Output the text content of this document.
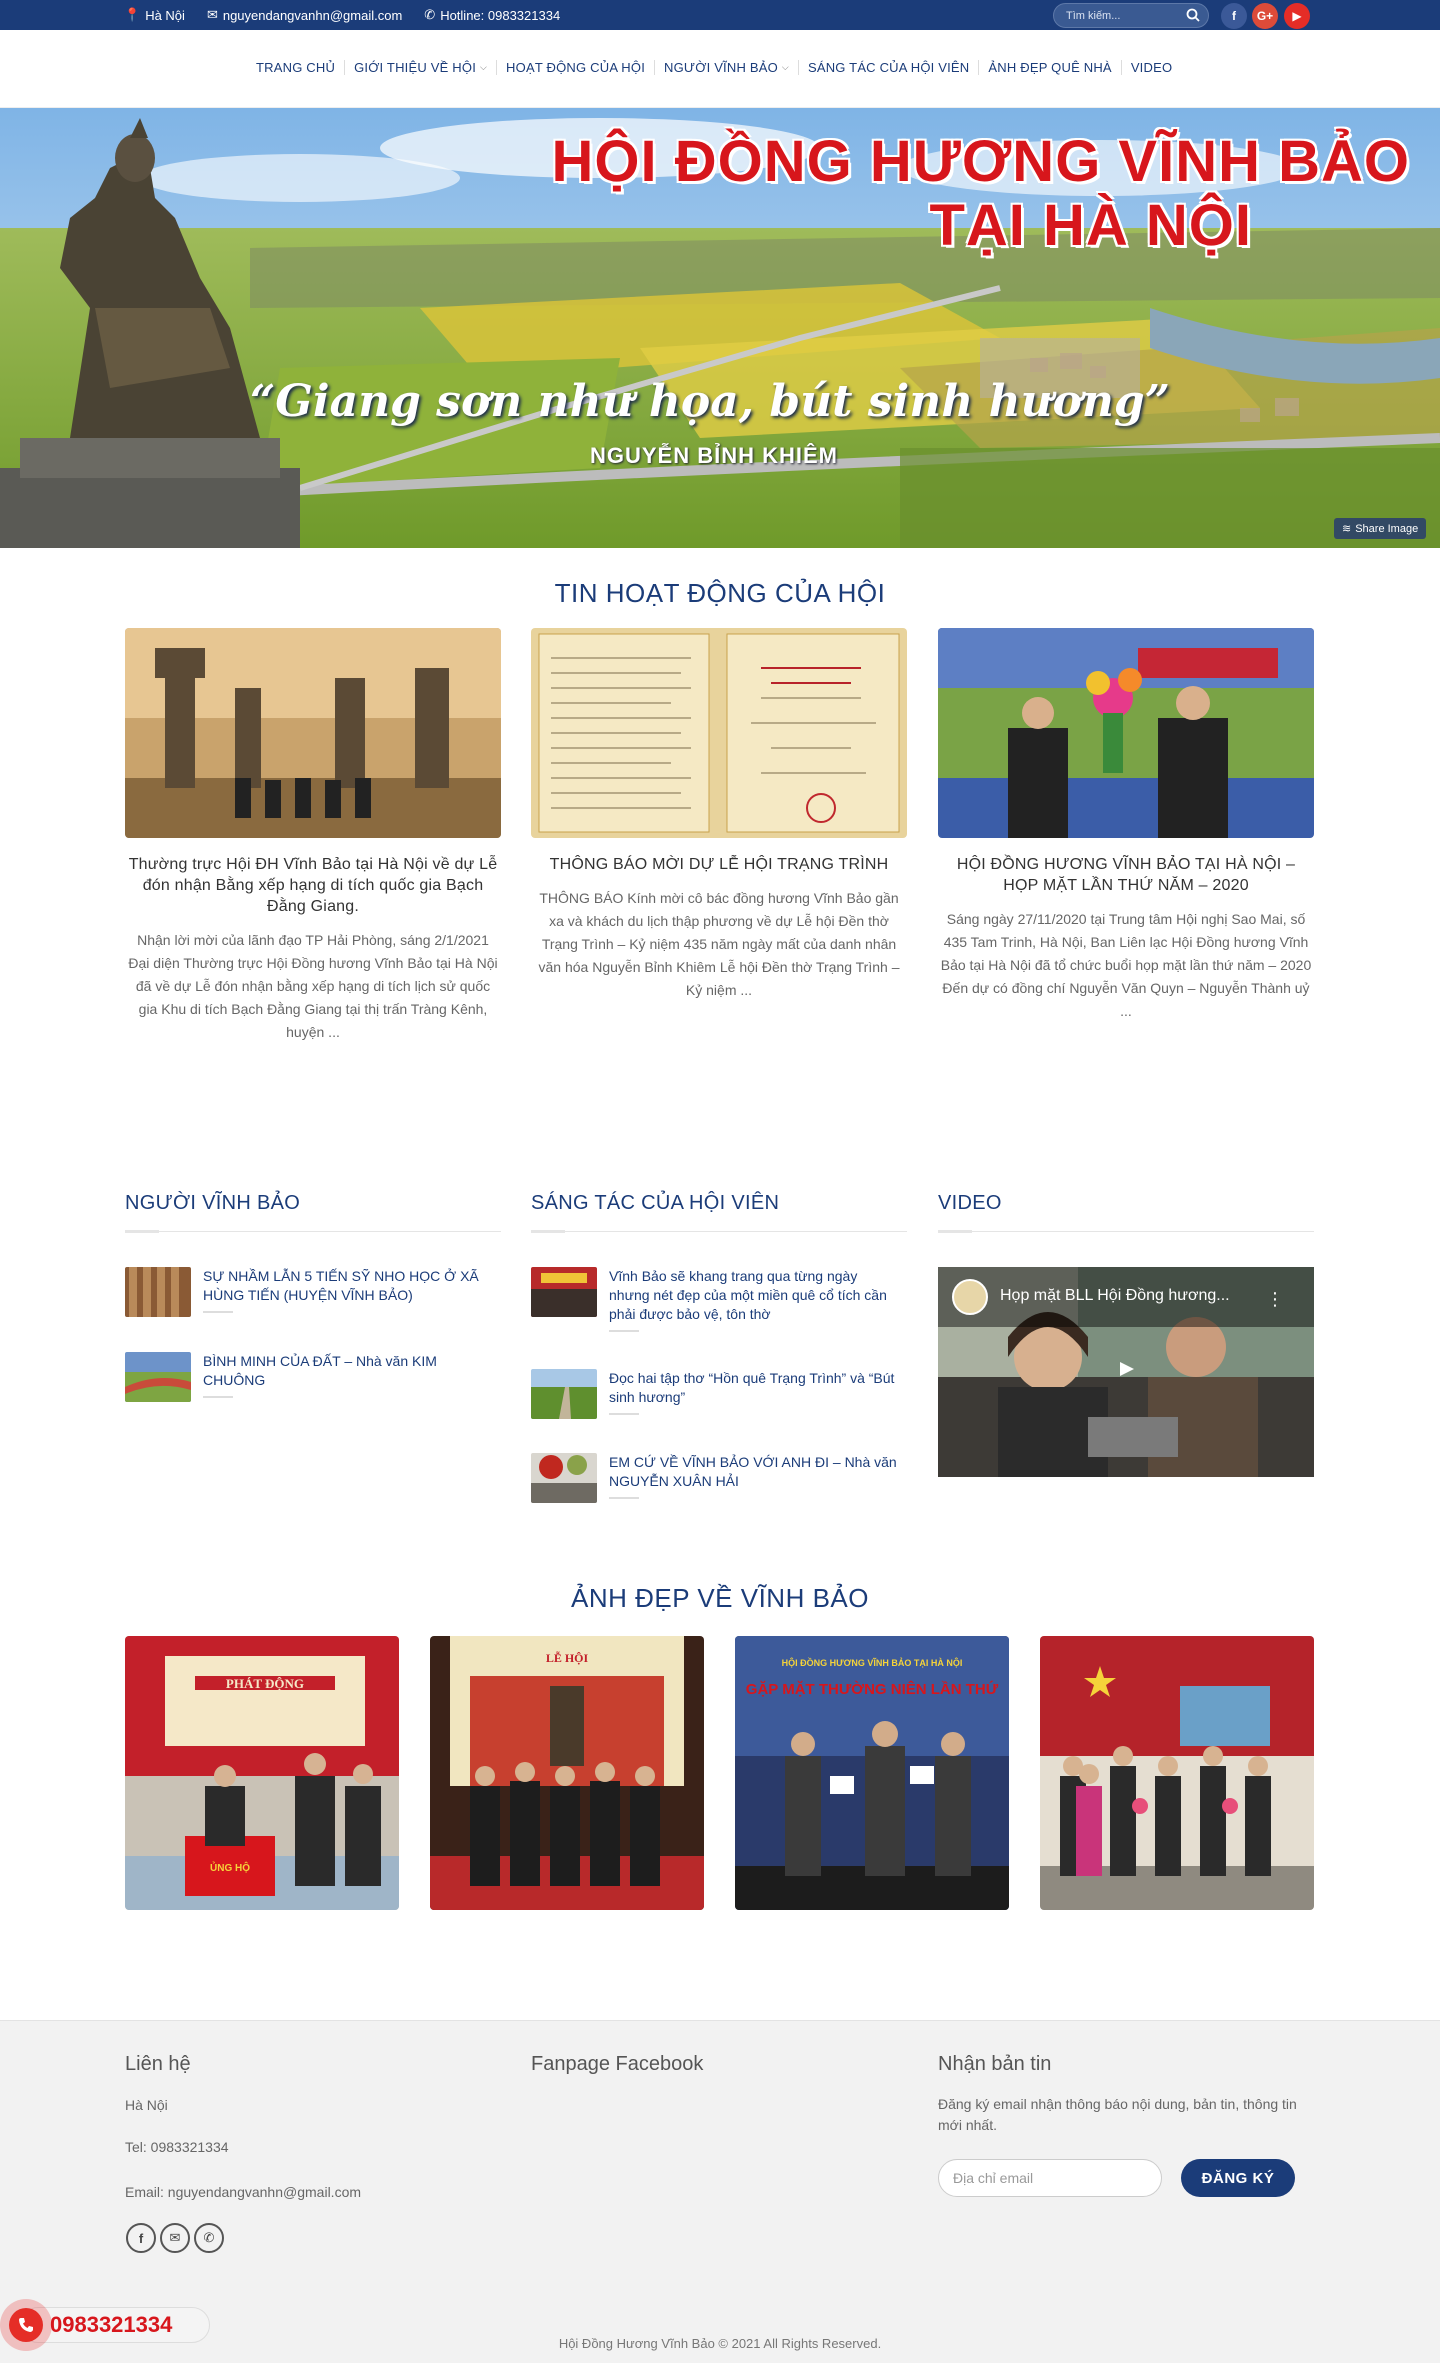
📍 Hà Nội ✉ nguyendangvanhn@gmail.com ✆ Hotline: 0983321334
Tìm kiếm...	f	G+	▶
TRANG CHỦ GIỚI THIỆU VỀ HỘI ⌵ HOẠT ĐỘNG CỦA HỘI NGƯỜI VĨNH BẢO ⌵ SÁNG TÁC CỦA HỘI VIÊN ẢNH ĐẸP QUÊ NHÀ VIDEO
HỘI ĐỒNG HƯƠNG VĨNH BẢO

TẠI HÀ NỘI
“Giang sơn như họa, bút sinh hương”
NGUYỄN BỈNH KHIÊM
≋ Share Image
TIN HOẠT ĐỘNG CỦA HỘI
Thường trực Hội ĐH Vĩnh Bảo tại Hà Nội về dự Lễ đón nhận Bằng xếp hạng di tích quốc gia Bạch Đằng Giang.

Nhận lời mời của lãnh đạo TP Hải Phòng, sáng 2/1/2021 Đại diện Thường trực Hội Đồng hương Vĩnh Bảo tại Hà Nội đã về dự Lễ đón nhận bằng xếp hạng di tích lịch sử quốc gia Khu di tích Bạch Đằng Giang tại thị trấn Tràng Kênh, huyện ...

THÔNG BÁO MỜI DỰ LỄ HỘI TRẠNG TRÌNH

THÔNG BÁO Kính mời cô bác đồng hương Vĩnh Bảo gần xa và khách du lịch thập phương về dự Lễ hội Đền thờ Trạng Trình – Kỷ niệm 435 năm ngày mất của danh nhân văn hóa Nguyễn Bỉnh Khiêm Lễ hội Đền thờ Trạng Trình – Kỷ niệm ...

HỘI ĐỒNG HƯƠNG VĨNH BẢO TẠI HÀ NỘI – HỌP MẶT LẦN THỨ NĂM – 2020

Sáng ngày 27/11/2020 tại Trung tâm Hội nghị Sao Mai, số 435 Tam Trinh, Hà Nội, Ban Liên lạc Hội Đồng hương Vĩnh Bảo tại Hà Nội đã tổ chức buổi họp mặt lần thứ năm – 2020 Đến dự có đồng chí Nguyễn Văn Quyn – Nguyễn Thành uỷ ...

NGƯỜI VĨNH BẢO	SÁNG TÁC CỦA HỘI VIÊN	VIDEO
SỰ NHẦM LẪN 5 TIẾN SỸ NHO HỌC Ở XÃ HÙNG TIẾN (HUYỆN VĨNH BẢO)
BÌNH MINH CỦA ĐẤT – Nhà văn KIM CHUÔNG
Vĩnh Bảo sẽ khang trang qua từng ngày nhưng nét đẹp của một miền quê cổ tích cần phải được bảo vệ, tôn thờ
Đọc hai tập thơ “Hồn quê Trạng Trình” và “Bút sinh hương”
EM CỨ VỀ VĨNH BẢO VỚI ANH ĐI – Nhà văn NGUYỄN XUÂN HẢI
Họp mặt BLL Hội Đồng hương...	⋮
ẢNH ĐẸP VỀ VĨNH BẢO
PHÁT ĐỘNG
ỦNG HỘ
LỄ HỘI	HỘI ĐỒNG HƯƠNG VĨNH BẢO TẠI HÀ NỘI
GẶP MẶT THƯỜNG NIÊN LẦN THỨ
Liên hệ
Hà Nội
Tel: 0983321334
Email: nguyendangvanhn@gmail.com
f	✉	✆
Fanpage Facebook	Nhận bản tin
Đăng ký email nhận thông báo nội dung, bản tin, thông tin mới nhất.
Địa chỉ email	ĐĂNG KÝ
Hội Đồng Hương Vĩnh Bảo © 2021 All Rights Reserved.
0983321334
